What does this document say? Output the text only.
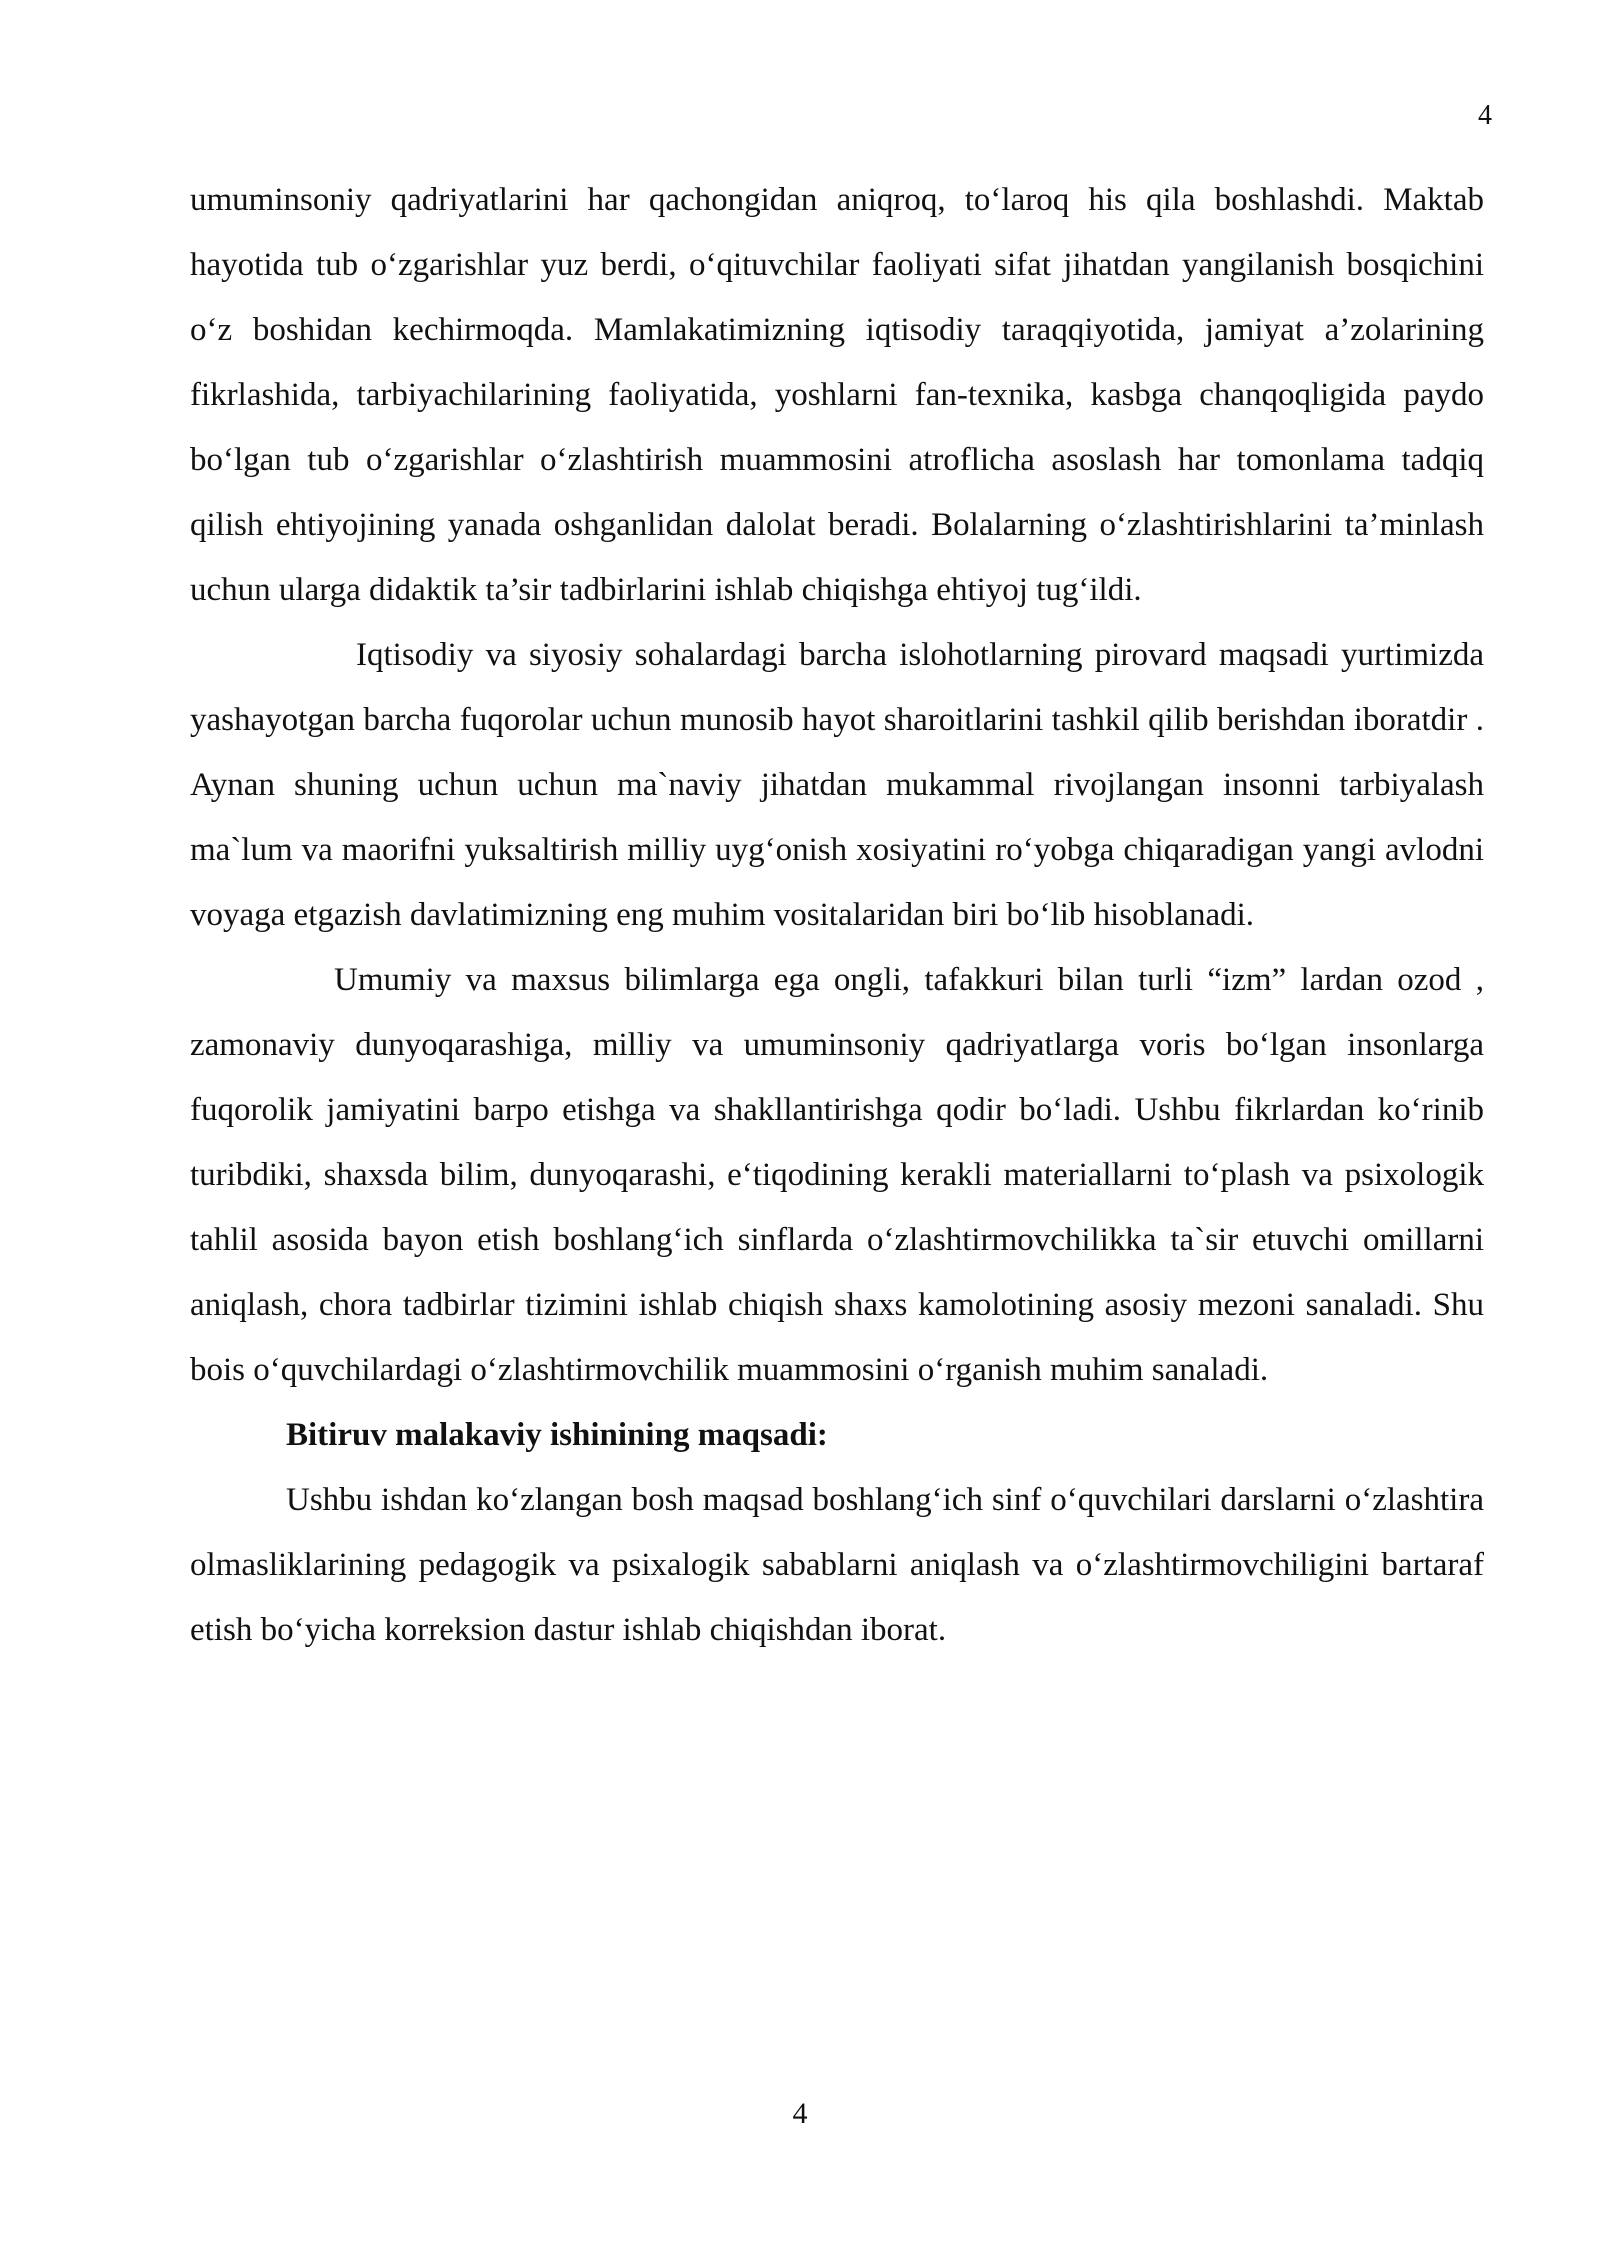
4

umuminsoniy qadriyatlarini har qachongidan aniqroq, to‘laroq his qila boshlashdi. Maktab hayotida tub o‘zgarishlar yuz berdi, o‘qituvchilar faoliyati sifat jihatdan yangilanish bosqichini o‘z boshidan kechirmoqda. Mamlakatimizning iqtisodiy taraqqiyotida, jamiyat a’zolarining fikrlashida, tarbiyachilarining faoliyatida, yoshlarni fan-texnika, kasbga chanqoqligida paydo bo‘lgan tub o‘zgarishlar o‘zlashtirish muammosini atroflicha asoslash har tomonlama tadqiq qilish ehtiyojining yanada oshganlidan dalolat beradi. Bolalarning o‘zlashtirishlarini ta’minlash uchun ularga didaktik ta’sir tadbirlarini ishlab chiqishga ehtiyoj tug‘ildi.

Iqtisodiy va siyosiy sohalardagi barcha islohotlarning pirovard maqsadi yurtimizda yashayotgan barcha fuqorolar uchun munosib hayot sharoitlarini tashkil qilib berishdan iboratdir . Aynan shuning uchun uchun ma`naviy jihatdan mukammal rivojlangan insonni tarbiyalash ma`lum va maorifni yuksaltirish milliy uyg‘onish xosiyatini ro‘yobga chiqaradigan yangi avlodni voyaga etgazish davlatimizning eng muhim vositalaridan biri bo‘lib hisoblanadi.

Umumiy va maxsus bilimlarga ega ongli, tafakkuri bilan turli “izm” lardan ozod , zamonaviy dunyoqarashiga, milliy va umuminsoniy qadriyatlarga voris bo‘lgan insonlarga fuqorolik jamiyatini barpo etishga va shakllantirishga qodir bo‘ladi. Ushbu fikrlardan ko‘rinib turibdiki, shaxsda bilim, dunyoqarashi, e‘tiqodining kerakli materiallarni to‘plash va psixologik tahlil asosida bayon etish boshlang‘ich sinflarda o‘zlashtirmovchilikka ta`sir etuvchi omillarni aniqlash, chora tadbirlar tizimini ishlab chiqish shaxs kamolotining asosiy mezoni sanaladi. Shu bois o‘quvchilardagi o‘zlashtirmovchilik muammosini o‘rganish muhim sanaladi.

Bitiruv malakaviy ishinining maqsadi:

Ushbu ishdan ko‘zlangan bosh maqsad boshlang‘ich sinf o‘quvchilari darslarni o‘zlashtira olmasliklarining pedagogik va psixalogik sabablarni aniqlash va o‘zlashtirmovchiligini bartaraf etish bo‘yicha korreksion dastur ishlab chiqishdan iborat.

4
